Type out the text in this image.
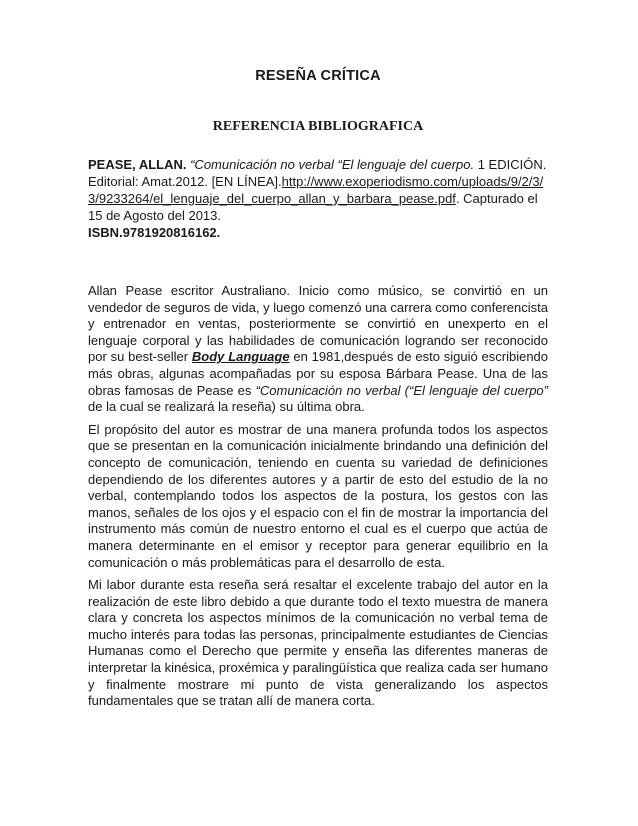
RESEÑA CRÍTICA
REFERENCIA BIBLIOGRAFICA
PEASE, ALLAN. “Comunicación no verbal “El lenguaje del cuerpo. 1 EDICIÓN. Editorial: Amat.2012. [EN LÍNEA].http://www.exoperiodismo.com/uploads/9/2/3/3/9233264/el_lenguaje_del_cuerpo_allan_y_barbara_pease.pdf. Capturado el 15 de Agosto del 2013.
ISBN.9781920816162.

Allan Pease escritor Australiano. Inicio como músico, se convirtió en un vendedor de seguros de vida, y luego comenzó una carrera como conferencista y entrenador en ventas, posteriormente se convirtió en unexperto en el lenguaje corporal y las habilidades de comunicación logrando ser reconocido por su best-seller Body Language en 1981,después de esto siguió escribiendo más obras, algunas acompañadas por su esposa Bárbara Pease. Una de las obras famosas de Pease es “Comunicación no verbal (“El lenguaje del cuerpo” de la cual se realizará la reseña) su última obra.

El propósito del autor es mostrar de una manera profunda todos los aspectos que se presentan en la comunicación inicialmente brindando una definición del concepto de comunicación, teniendo en cuenta su variedad de definiciones dependiendo de los diferentes autores y a partir de esto del estudio de la no verbal, contemplando todos los aspectos de la postura, los gestos con las manos, señales de los ojos y el espacio con el fin de mostrar la importancia del instrumento más común de nuestro entorno el cual es el cuerpo que actúa de manera determinante en el emisor y receptor para generar equilibrio en la comunicación o más problemáticas para el desarrollo de esta.

Mi labor durante esta reseña será resaltar el excelente trabajo del autor en la realización de este libro debido a que durante todo el texto muestra de manera clara y concreta los aspectos mínimos de la comunicación no verbal tema de mucho interés para todas las personas, principalmente estudiantes de Ciencias Humanas como el Derecho que permite y enseña las diferentes maneras de interpretar la kinésica, proxémica y paralingüística que realiza cada ser humano y finalmente mostrare mi punto de vista generalizando los aspectos fundamentales que se tratan allí de manera corta.
